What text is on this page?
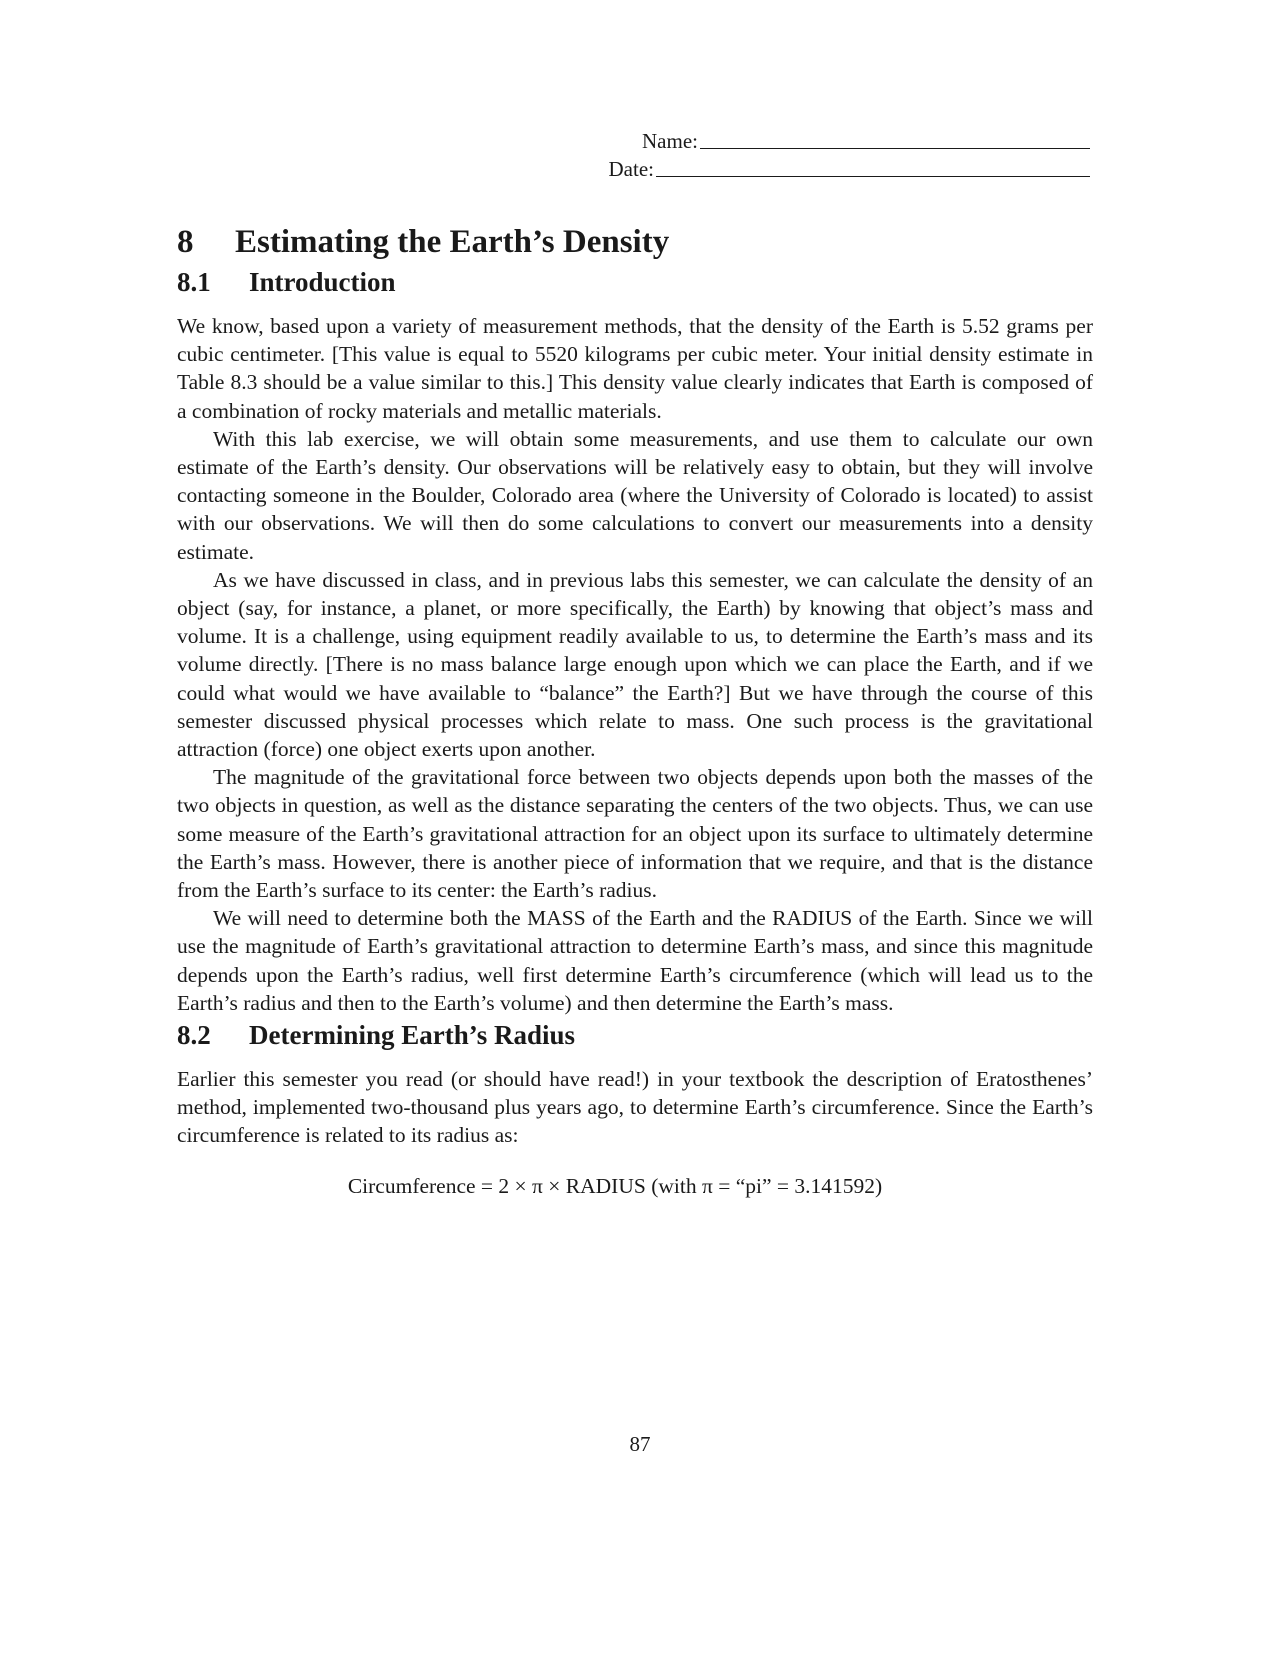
Name:
Date:
8	Estimating the Earth’s Density
8.1	Introduction

We know, based upon a variety of measurement methods, that the density of the Earth is 5.52 grams per cubic centimeter. [This value is equal to 5520 kilograms per cubic meter. Your initial density estimate in Table 8.3 should be a value similar to this.] This density value clearly indicates that Earth is composed of a combination of rocky materials and metallic materials.

With this lab exercise, we will obtain some measurements, and use them to calculate our own estimate of the Earth’s density. Our observations will be relatively easy to obtain, but they will involve contacting someone in the Boulder, Colorado area (where the University of Colorado is located) to assist with our observations. We will then do some calculations to convert our measurements into a density estimate.

As we have discussed in class, and in previous labs this semester, we can calculate the density of an object (say, for instance, a planet, or more specifically, the Earth) by knowing that object’s mass and volume. It is a challenge, using equipment readily available to us, to determine the Earth’s mass and its volume directly. [There is no mass balance large enough upon which we can place the Earth, and if we could what would we have available to “balance” the Earth?] But we have through the course of this semester discussed physical processes which relate to mass. One such process is the gravitational attraction (force) one object exerts upon another.

The magnitude of the gravitational force between two objects depends upon both the masses of the two objects in question, as well as the distance separating the centers of the two objects. Thus, we can use some measure of the Earth’s gravitational attraction for an object upon its surface to ultimately determine the Earth’s mass. However, there is another piece of information that we require, and that is the distance from the Earth’s surface to its center: the Earth’s radius.

We will need to determine both the MASS of the Earth and the RADIUS of the Earth. Since we will use the magnitude of Earth’s gravitational attraction to determine Earth’s mass, and since this magnitude depends upon the Earth’s radius, well first determine Earth’s circumference (which will lead us to the Earth’s radius and then to the Earth’s volume) and then determine the Earth’s mass.

8.2	Determining Earth’s Radius

Earlier this semester you read (or should have read!) in your textbook the description of Eratosthenes’ method, implemented two-thousand plus years ago, to determine Earth’s circumference. Since the Earth’s circumference is related to its radius as:

Circumference = 2 × π × RADIUS (with π = “pi” = 3.141592)
87
